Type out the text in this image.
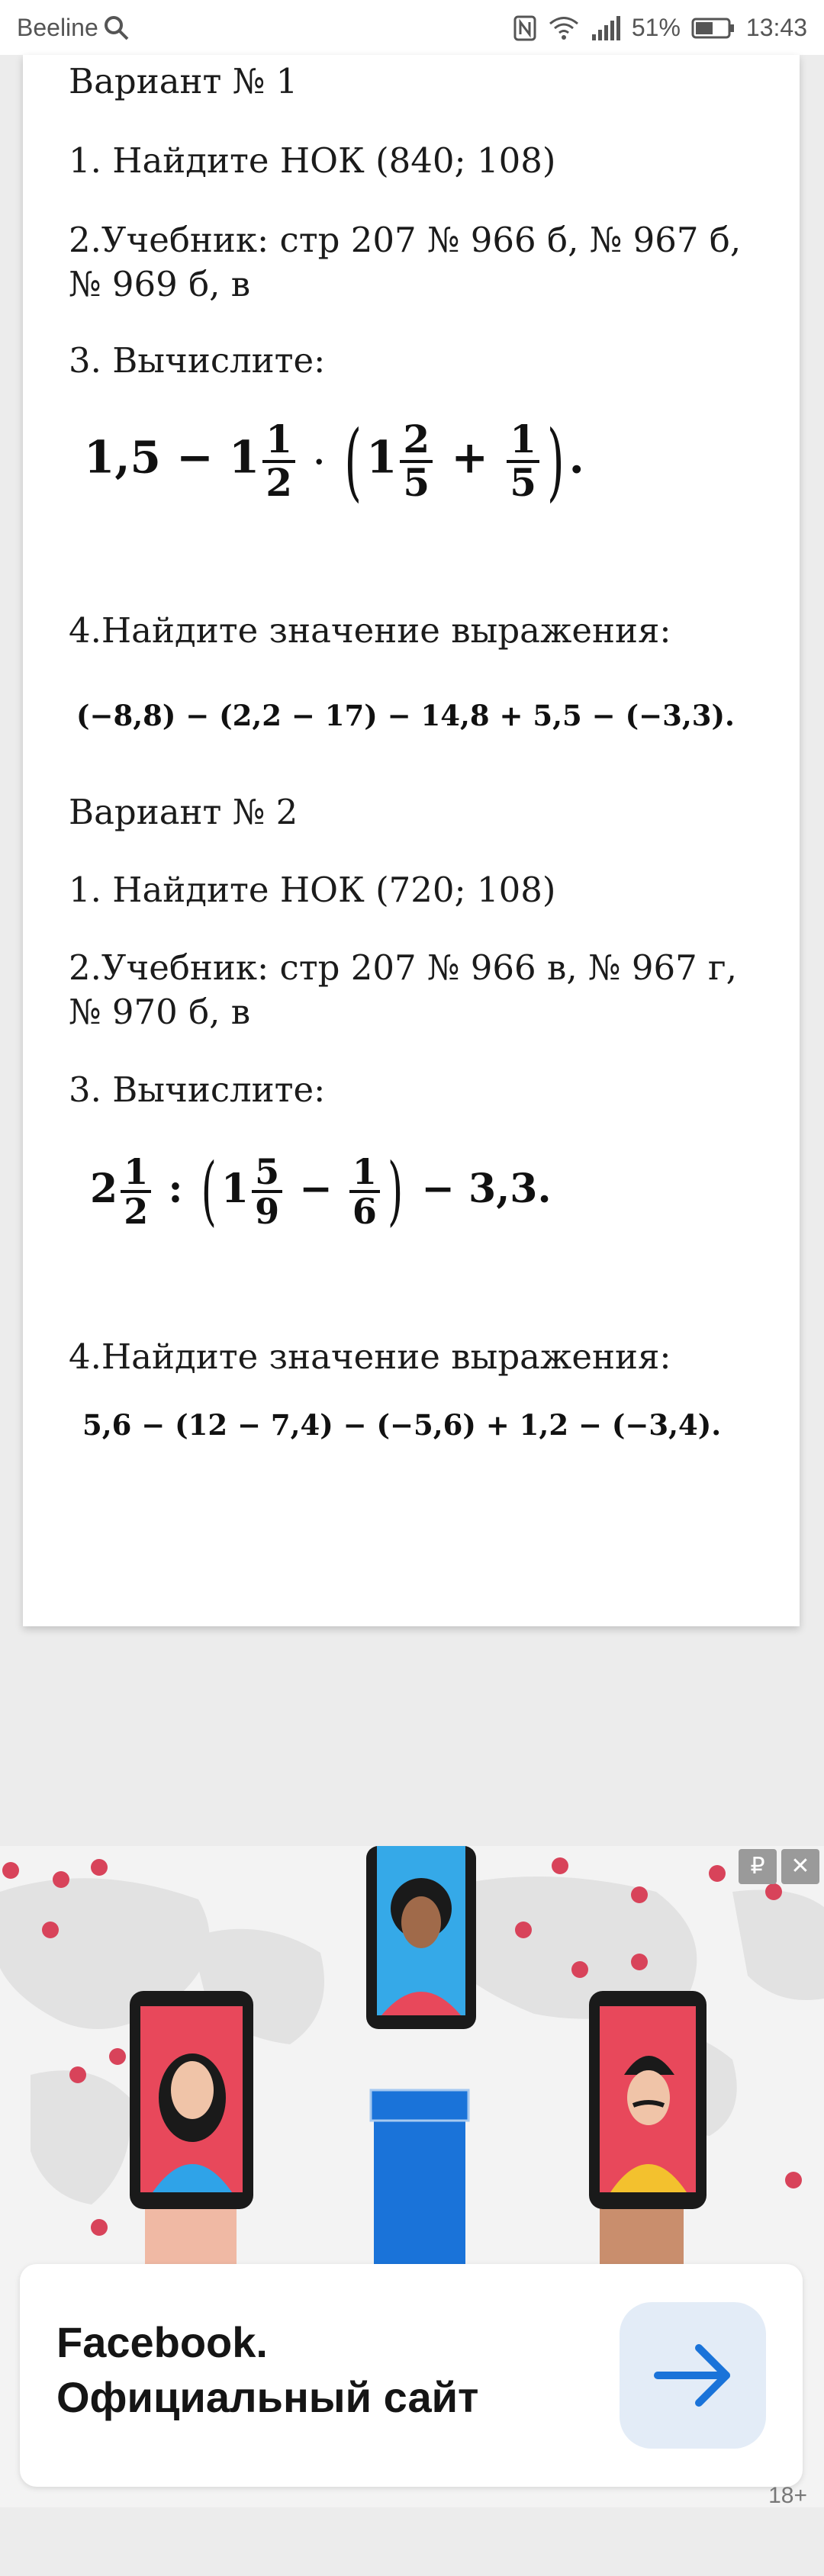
Beeline	51%	13:43
Вариант № 1
1. Найдите НОК (840; 108)
2.Учебник: стр 207 № 966 б, № 967 б,
№ 969 б, в
3. Вычислите:
$1,5 - 1 \frac{1}{2}$ · ( $1 \frac{2}{5} + \frac{1}{5}$ ) .
4.Найдите значение выражения:
(−8,8) − (2,2 − 17) − 14,8 + 5,5 − (−3,3).
Вариант № 2
1. Найдите НОК (720; 108)
2.Учебник: стр 207 № 966 в, № 967 г,
№ 970 б, в
3. Вычислите:
$2 \frac{1}{2}$ : ( $1 \frac{5}{9} - \frac{1}{6}$ ) − 3,3.
4.Найдите значение выражения:
5,6 − (12 − 7,4) − (−5,6) + 1,2 − (−3,4).
₽	✕
Facebook.
Официальный сайт
18+
